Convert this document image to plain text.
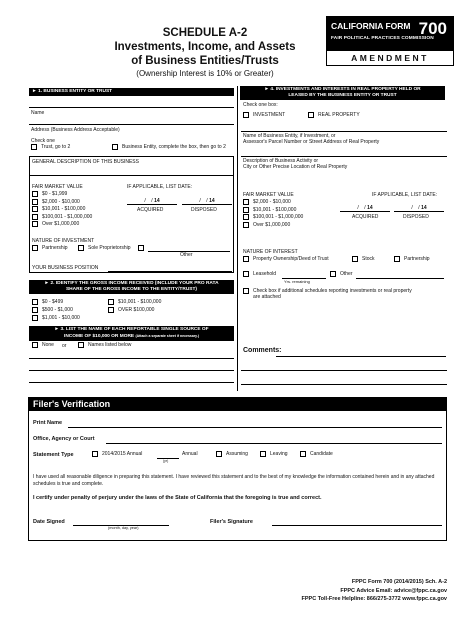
SCHEDULE A-2
Investments, Income, and Assets
of Business Entities/Trusts
(Ownership Interest is 10% or Greater)
CALIFORNIA FORM 700
FAIR POLITICAL PRACTICES COMMISSION
AMENDMENT
► 1. BUSINESS ENTITY OR TRUST
Name
Address (Business Address Acceptable)
Check one
Trust, go to 2	Business Entity, complete the box, then go to 2
GENERAL DESCRIPTION OF THIS BUSINESS
FAIR MARKET VALUE
$0 - $1,999
$2,000 - $10,000
$10,001 - $100,000
$100,001 - $1,000,000
Over $1,000,000
IF APPLICABLE, LIST DATE:
/    / 14	/    / 14
ACQUIRED	DISPOSED
NATURE OF INVESTMENT
Partnership	Sole Proprietorship
Other
YOUR BUSINESS POSITION
► 2. IDENTIFY THE GROSS INCOME RECEIVED (INCLUDE YOUR PRO RATA
SHARE OF THE GROSS INCOME TO THE ENTITY/TRUST)
$0 - $499
$500 - $1,000
$1,001 - $10,000
$10,001 - $100,000
OVER $100,000
► 3. LIST THE NAME OF EACH REPORTABLE SINGLE SOURCE OF
INCOME OF $10,000 OR MORE (Attach a separate sheet if necessary.)
None or	Names listed below
► 4. INVESTMENTS AND INTERESTS IN REAL PROPERTY HELD OR
LEASED BY THE BUSINESS ENTITY OR TRUST
Check one box:
INVESTMENT	REAL PROPERTY
Name of Business Entity, if Investment, or
Assessor's Parcel Number or Street Address of Real Property
Description of Business Activity or
City or Other Precise Location of Real Property
FAIR MARKET VALUE
$2,000 - $10,000
$10,001 - $100,000
$100,001 - $1,000,000
Over $1,000,000
IF APPLICABLE, LIST DATE:
/    / 14	/    / 14
ACQUIRED	DISPOSED
NATURE OF INTEREST
Property Ownership/Deed of Trust	Stock	Partnership
Leasehold
Yrs. remaining
Other
Check box if additional schedules reporting investments or real property
are attached
Comments:
Filer's Verification
Print Name
Office, Agency or Court
Statement Type	2014/2015 Annual
(yr)
Annual	Assuming	Leaving	Candidate
I have used all reasonable diligence in preparing this statement. I have reviewed this statement and to the best of my knowledge the information contained herein and in any attached schedules is true and complete.
I certify under penalty of perjury under the laws of the State of California that the foregoing is true and correct.
Date Signed
(month, day, year)
Filer's Signature
FPPC Form 700 (2014/2015) Sch. A-2
FPPC Advice Email: advice@fppc.ca.gov
FPPC Toll-Free Helpline: 866/275-3772 www.fppc.ca.gov
